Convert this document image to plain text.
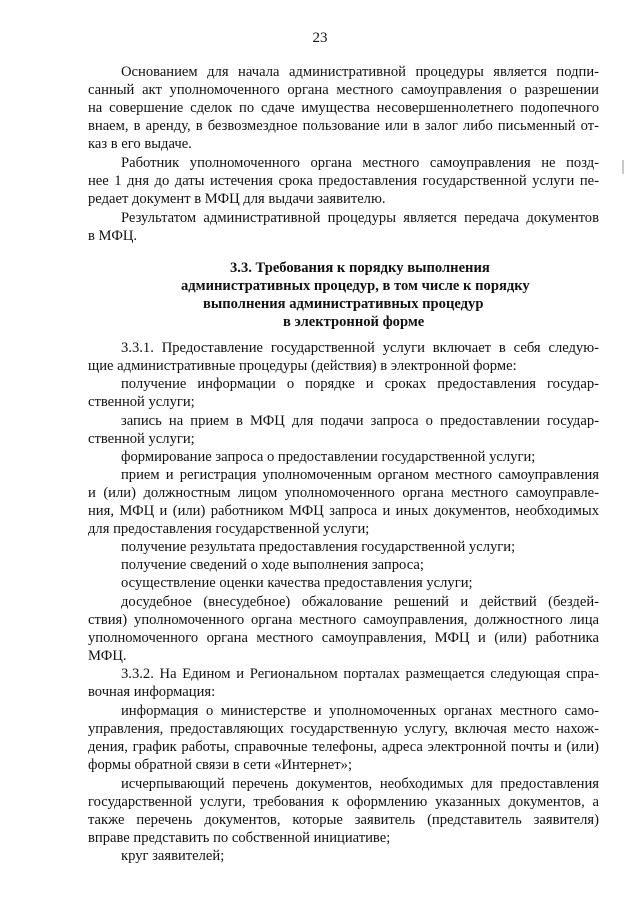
23
Основанием для начала административной процедуры является подпи-
санный акт уполномоченного органа местного самоуправления о разрешении
на совершение сделок по сдаче имущества несовершеннолетнего подопечного
внаем, в аренду, в безвозмездное пользование или в залог либо письменный от-
каз в его выдаче.
Работник уполномоченного органа местного самоуправления не позд-
нее 1 дня до даты истечения срока предоставления государственной услуги пе-
редает документ в МФЦ для выдачи заявителю.
Результатом административной процедуры является передача документов
в МФЦ.
3.3. Требования к порядку выполнения
административных процедур, в том числе к порядку
выполнения административных процедур
в электронной форме
3.3.1. Предоставление государственной услуги включает в себя следую-
щие административные процедуры (действия) в электронной форме:
получение информации о порядке и сроках предоставления государ-
ственной услуги;
запись на прием в МФЦ для подачи запроса о предоставлении государ-
ственной услуги;
формирование запроса о предоставлении государственной услуги;
прием и регистрация уполномоченным органом местного самоуправления
и (или) должностным лицом уполномоченного органа местного самоуправле-
ния, МФЦ и (или) работником МФЦ запроса и иных документов, необходимых
для предоставления государственной услуги;
получение результата предоставления государственной услуги;
получение сведений о ходе выполнения запроса;
осуществление оценки качества предоставления услуги;
досудебное (внесудебное) обжалование решений и действий (бездей-
ствия) уполномоченного органа местного самоуправления, должностного лица
уполномоченного органа местного самоуправления, МФЦ и (или) работника
МФЦ.
3.3.2. На Едином и Региональном порталах размещается следующая спра-
вочная информация:
информация о министерстве и уполномоченных органах местного само-
управления, предоставляющих государственную услугу, включая место нахож-
дения, график работы, справочные телефоны, адреса электронной почты и (или)
формы обратной связи в сети «Интернет»;
исчерпывающий перечень документов, необходимых для предоставления
государственной услуги, требования к оформлению указанных документов, а
также перечень документов, которые заявитель (представитель заявителя)
вправе представить по собственной инициативе;
круг заявителей;
